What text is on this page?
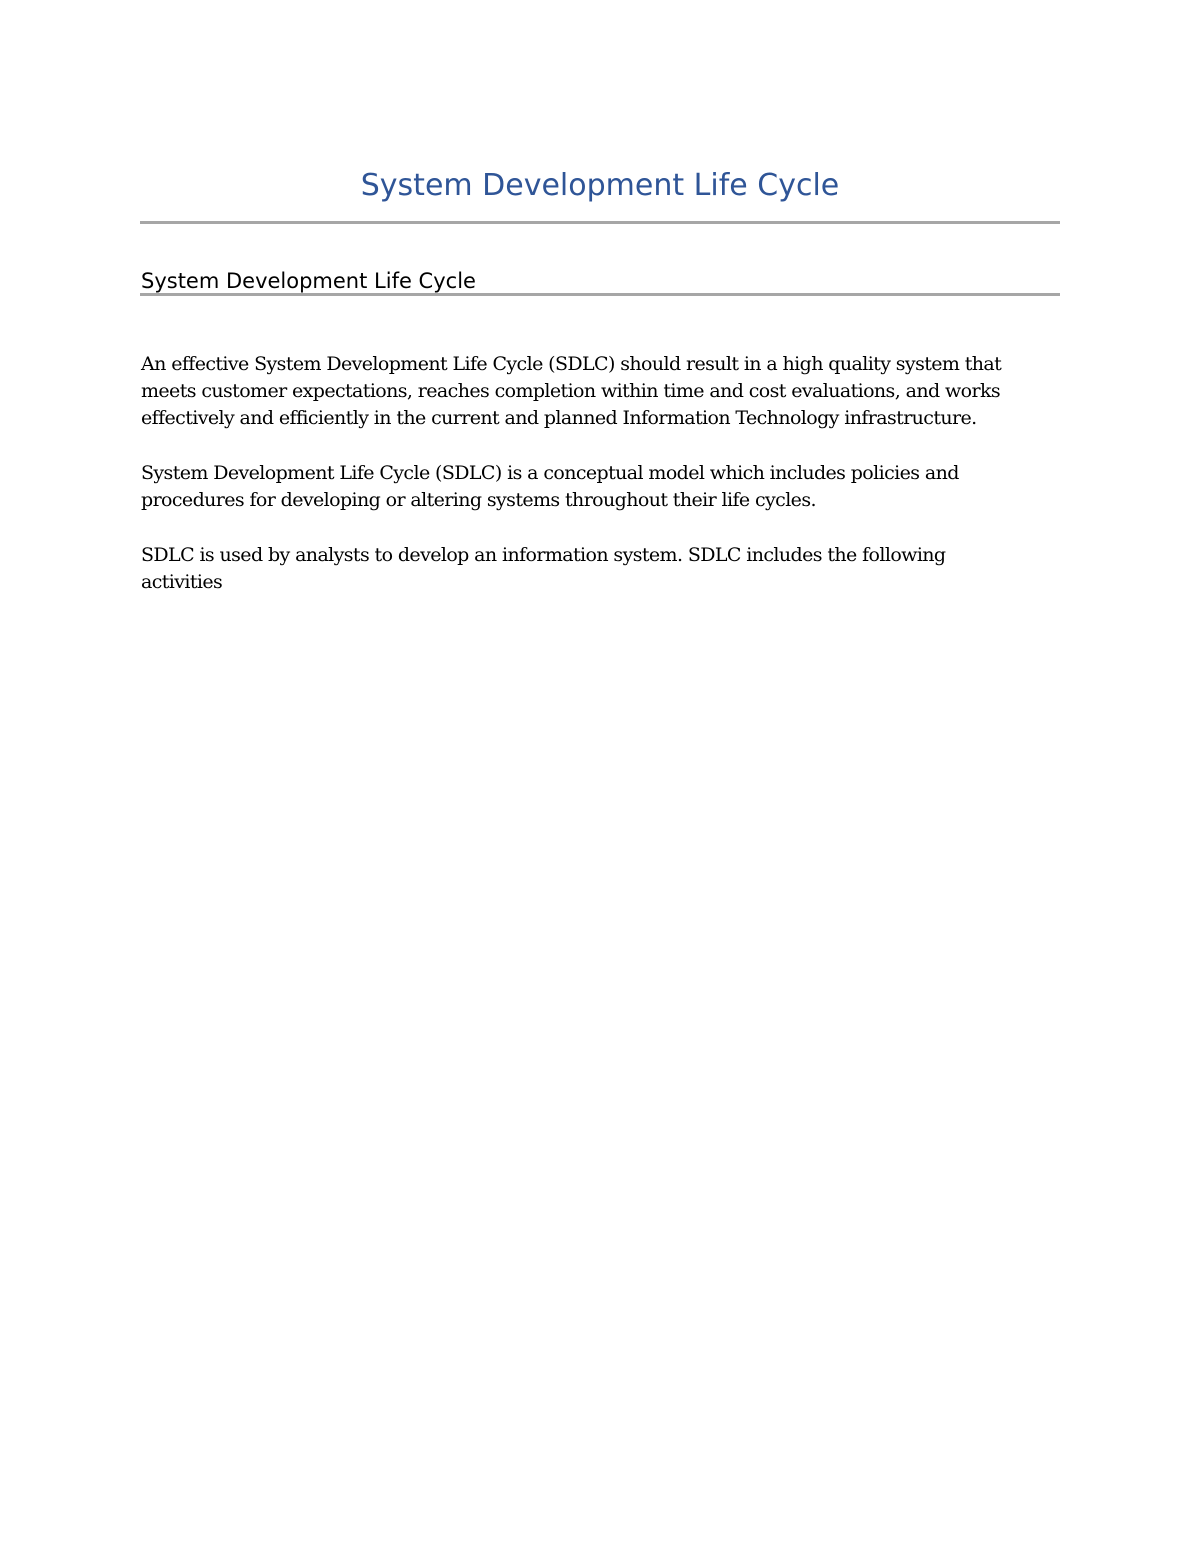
System Development Life Cycle
System Development Life Cycle

An effective System Development Life Cycle (SDLC) should result in a high quality system that
meets customer expectations, reaches completion within time and cost evaluations, and works
effectively and efficiently in the current and planned Information Technology infrastructure.

System Development Life Cycle (SDLC) is a conceptual model which includes policies and
procedures for developing or altering systems throughout their life cycles.

SDLC is used by analysts to develop an information system. SDLC includes the following
activities
